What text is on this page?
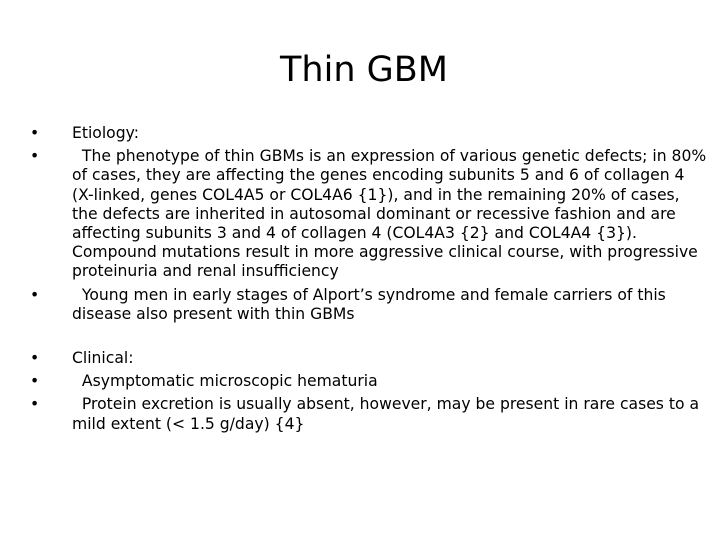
Thin GBM
•	Etiology:
•	The phenotype of thin GBMs is an expression of various genetic defects; in 80% of cases, they are affecting the genes encoding subunits 5 and 6 of collagen 4 (X-linked, genes COL4A5 or COL4A6 {1}), and in the remaining 20% of cases, the defects are inherited in autosomal dominant or recessive fashion and are affecting subunits 3 and 4 of collagen 4 (COL4A3 {2} and COL4A4 {3}). Compound mutations result in more aggressive clinical course, with progressive proteinuria and renal insufficiency
•	Young men in early stages of Alport’s syndrome and female carriers of this disease also present with thin GBMs
•	Clinical:
•	Asymptomatic microscopic hematuria
•	Protein excretion is usually absent, however, may be present in rare cases to a mild extent (< 1.5 g/day) {4}
